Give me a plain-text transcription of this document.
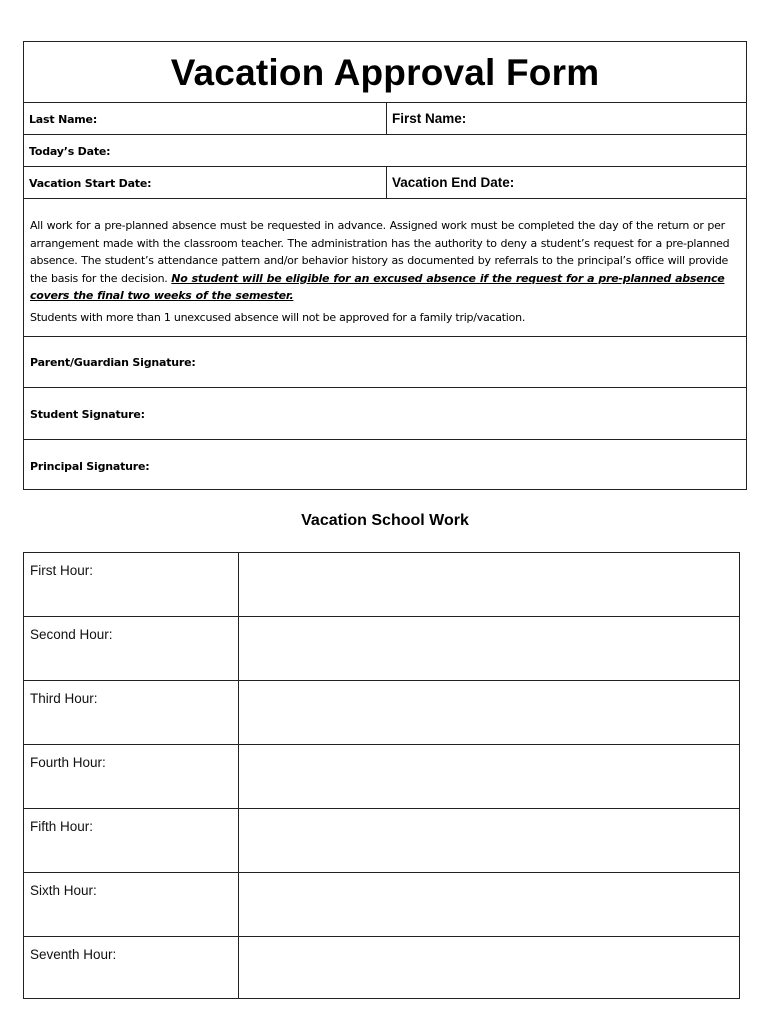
Vacation Approval Form
Last Name:	First Name:
Today’s Date:
Vacation Start Date:	Vacation End Date:
All work for a pre-planned absence must be requested in advance. Assigned work must be completed the day of the return or per arrangement made with the classroom teacher. The administration has the authority to deny a student’s request for a pre-planned absence. The student’s attendance pattern and/or behavior history as documented by referrals to the principal’s office will provide the basis for the decision. No student will be eligible for an excused absence if the request for a pre-planned absence covers the final two weeks of the semester.
Students with more than 1 unexcused absence will not be approved for a family trip/vacation.
Parent/Guardian Signature:
Student Signature:
Principal Signature:
Vacation School Work
First Hour:
Second Hour:
Third Hour:
Fourth Hour:
Fifth Hour:
Sixth Hour:
Seventh Hour:
